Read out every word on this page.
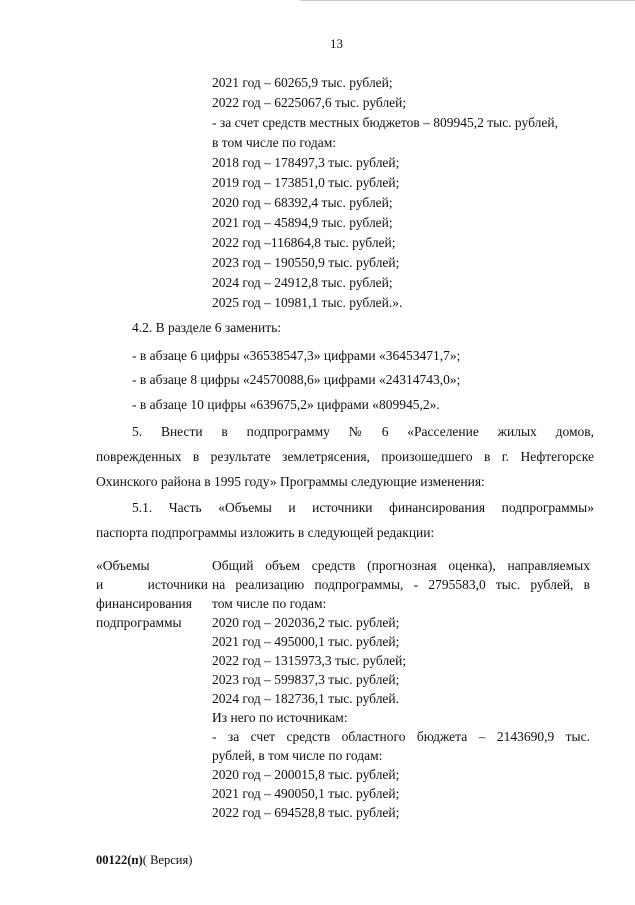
13
2021 год – 60265,9 тыс. рублей;
2022 год – 6225067,6 тыс. рублей;
- за счет средств местных бюджетов – 809945,2 тыс. рублей,
в том числе по годам:
2018 год – 178497,3 тыс. рублей;
2019 год – 173851,0 тыс. рублей;
2020 год – 68392,4 тыс. рублей;
2021 год – 45894,9 тыс. рублей;
2022 год –116864,8 тыс. рублей;
2023 год – 190550,9 тыс. рублей;
2024 год – 24912,8 тыс. рублей;
2025 год – 10981,1 тыс. рублей.».
4.2. В разделе 6 заменить:
- в абзаце 6 цифры «36538547,3» цифрами «36453471,7»;
- в абзаце 8 цифры «24570088,6» цифрами «24314743,0»;
- в абзаце 10 цифры «639675,2» цифрами «809945,2».
5.    Внести    в    подпрограмму    №    6    «Расселение    жилых    домов,
поврежденных в результате землетрясения, произошедшего в г. Нефтегорске
Охинского района в 1995 году» Программы следующие изменения:
5.1.  Часть  «Объемы  и  источники  финансирования  подпрограммы»
паспорта подпрограммы изложить в следующей редакции:
«Объемы
и источники
финансирования
подпрограммы
Общий объем средств (прогнозная оценка), направляемых
на реализацию подпрограммы, - 2795583,0 тыс. рублей, в
том числе по годам:
2020 год – 202036,2 тыс. рублей;
2021 год – 495000,1 тыс. рублей;
2022 год – 1315973,3 тыс. рублей;
2023 год – 599837,3 тыс. рублей;
2024 год – 182736,1 тыс. рублей.
Из него по источникам:
- за счет средств областного бюджета – 2143690,9 тыс.
рублей, в том числе по годам:
2020 год – 200015,8 тыс. рублей;
2021 год – 490050,1 тыс. рублей;
2022 год – 694528,8 тыс. рублей;
00122(п)( Версия)
